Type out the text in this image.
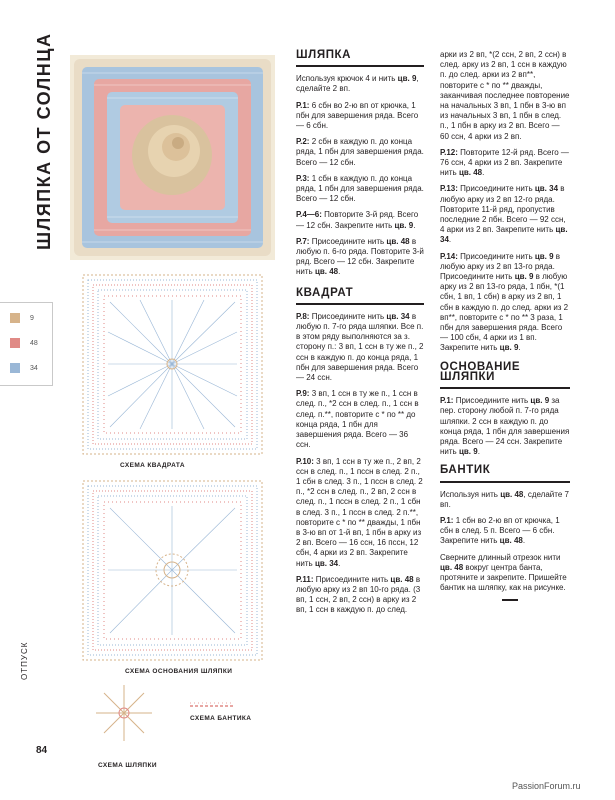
ШЛЯПКА ОТ СОЛНЦА
9
48
34
СХЕМА КВАДРАТА
СХЕМА ОСНОВАНИЯ ШЛЯПКИ
СХЕМА ШЛЯПКИ
СХЕМА БАНТИКА
ОТПУСК
84
ШЛЯПКА

Используя крючок 4 и нить цв. 9, сделайте 2 вп.

Р.1: 6 сбн во 2-ю вп от крючка, 1 пбн для завершения ряда. Всего — 6 сбн.

Р.2: 2 сбн в каждую п. до конца ряда, 1 пбн для завершения ряда. Всего — 12 сбн.

Р.3: 1 сбн в каждую п. до конца ряда, 1 пбн для завершения ряда. Всего — 12 сбн.

Р.4—6: Повторите 3-й ряд. Всего — 12 сбн. Закрепите нить цв. 9.

Р.7: Присоедините нить цв. 48 в любую п. 6-го ряда. Повторите 3-й ряд. Всего — 12 сбн. Закрепите нить цв. 48.

КВАДРАТ

Р.8: Присоедините нить цв. 34 в любую п. 7-го ряда шляпки. Все п. в этом ряду выполняются за з. сторону п.: 3 вп, 1 ссн в ту же п., 2 ссн в каждую п. до конца ряда, 1 пбн для завершения ряда. Всего — 24 ссн.

Р.9: 3 вп, 1 ссн в ту же п., 1 ссн в след. п., *2 ссн в след. п., 1 ссн в след. п.**, повторите с * по ** до конца ряда, 1 пбн для завершения ряда. Всего — 36 ссн.

Р.10: 3 вп, 1 ссн в ту же п., 2 вп, 2 ссн в след. п., 1 пссн в след. 2 п., 1 сбн в след. 3 п., 1 пссн в след. 2 п., *2 ссн в след. п., 2 вп, 2 ссн в след. п., 1 пссн в след. 2 п., 1 сбн в след. 3 п., 1 пссн в след. 2 п.**, повторите с * по ** дважды, 1 пбн в 3-ю вп от 1-й вп, 1 пбн в арку из 2 вп. Всего — 16 ссн, 16 пссн, 12 сбн, 4 арки из 2 вп. Закрепите нить цв. 34.

Р.11: Присоедините нить цв. 48 в любую арку из 2 вп 10-го ряда. (3 вп, 1 ссн, 2 вп, 2 ссн) в арку из 2 вп, 1 ссн в каждую п. до след.

арки из 2 вп, *(2 ссн, 2 вп, 2 ссн) в след. арку из 2 вп, 1 ссн в каждую п. до след. арки из 2 вп**, повторите с * по ** дважды, заканчивая последнее повторение на начальных 3 вп, 1 пбн в 3-ю вп из начальных 3 вп, 1 пбн в след. п., 1 пбн в арку из 2 вп. Всего — 60 ссн, 4 арки из 2 вп.

Р.12: Повторите 12-й ряд. Всего — 76 ссн, 4 арки из 2 вп. Закрепите нить цв. 48.

Р.13: Присоедините нить цв. 34 в любую арку из 2 вп 12-го ряда. Повторите 11-й ряд, пропустив последние 2 пбн. Всего — 92 ссн, 4 арки из 2 вп. Закрепите нить цв. 34.

Р.14: Присоедините нить цв. 9 в любую арку из 2 вп 13-го ряда. Присоедините нить цв. 9 в любую арку из 2 вп 13-го ряда, 1 пбн, *(1 сбн, 1 вп, 1 сбн) в арку из 2 вп, 1 сбн в каждую п. до след. арки из 2 вп**, повторите с * по ** 3 раза, 1 пбн для завершения ряда. Всего — 100 сбн, 4 арки из 1 вп. Закрепите нить цв. 9.

ОСНОВАНИЕ ШЛЯПКИ

Р.1: Присоедините нить цв. 9 за пер. сторону любой п. 7-го ряда шляпки. 2 ссн в каждую п. до конца ряда, 1 пбн для завершения ряда. Всего — 24 ссн. Закрепите нить цв. 9.

БАНТИК

Используя нить цв. 48, сделайте 7 вп.

Р.1: 1 сбн во 2-ю вп от крючка, 1 сбн в след. 5 п. Всего — 6 сбн. Закрепите нить цв. 48.

Сверните длинный отрезок нити цв. 48 вокруг центра банта, протяните и закрепите. Пришейте бантик на шляпку, как на рисунке.

PassionForum.ru
